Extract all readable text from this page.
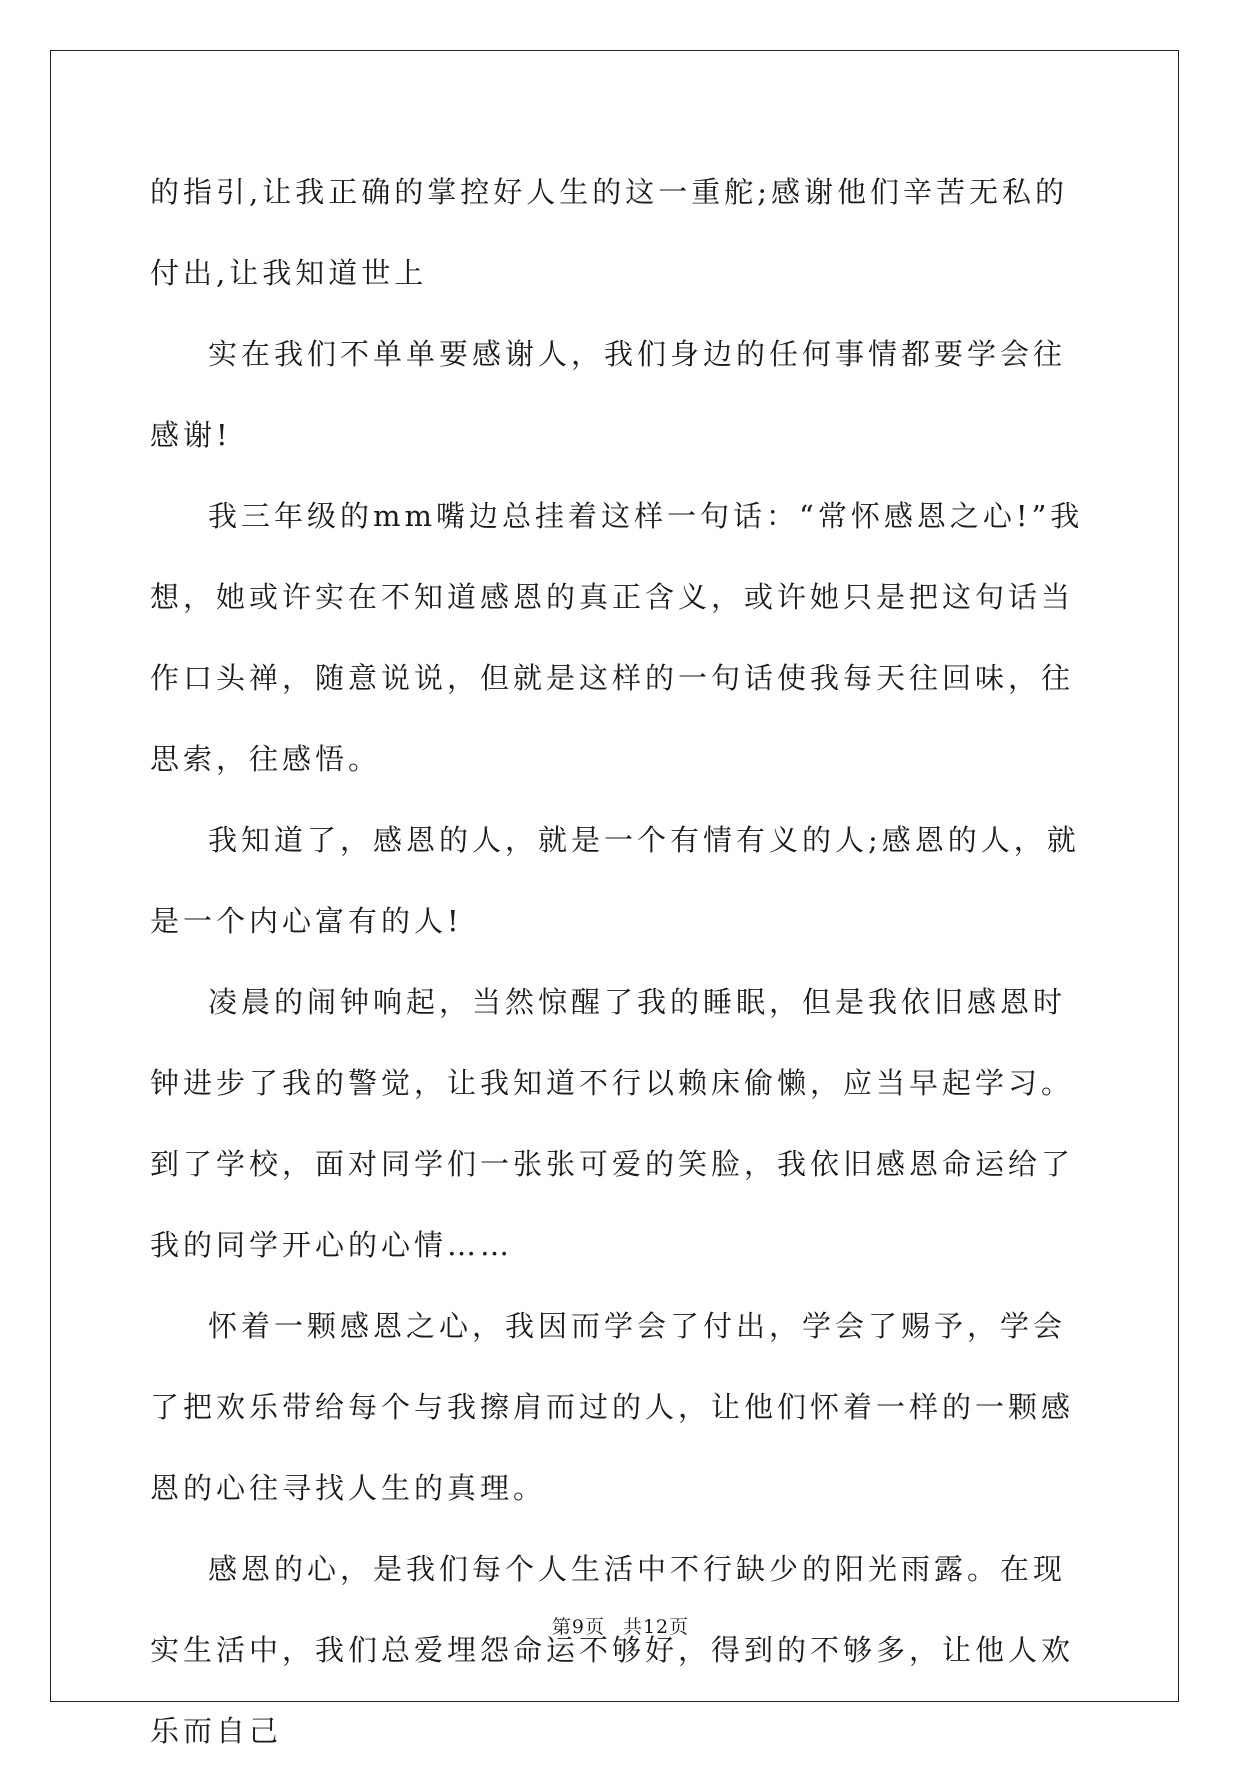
的指引,让我正确的掌控好人生的这一重舵;感谢他们辛苦无私的付出,让我知道世上

实在我们不单单要感谢人，我们身边的任何事情都要学会往感谢!

我三年级的mm嘴边总挂着这样一句话：“常怀感恩之心!”我想，她或许实在不知道感恩的真正含义，或许她只是把这句话当作口头禅，随意说说，但就是这样的一句话使我每天往回味，往思索，往感悟。

我知道了，感恩的人，就是一个有情有义的人;感恩的人，就是一个内心富有的人!

凌晨的闹钟响起，当然惊醒了我的睡眠，但是我依旧感恩时钟进步了我的警觉，让我知道不行以赖床偷懒，应当早起学习。到了学校，面对同学们一张张可爱的笑脸，我依旧感恩命运给了我的同学开心的心情……

怀着一颗感恩之心，我因而学会了付出，学会了赐予，学会了把欢乐带给每个与我擦肩而过的人，让他们怀着一样的一颗感恩的心往寻找人生的真理。

感恩的心，是我们每个人生活中不行缺少的阳光雨露。在现实生活中，我们总爱埋怨命运不够好，得到的不够多，让他人欢乐而自己

第9页 共12页
